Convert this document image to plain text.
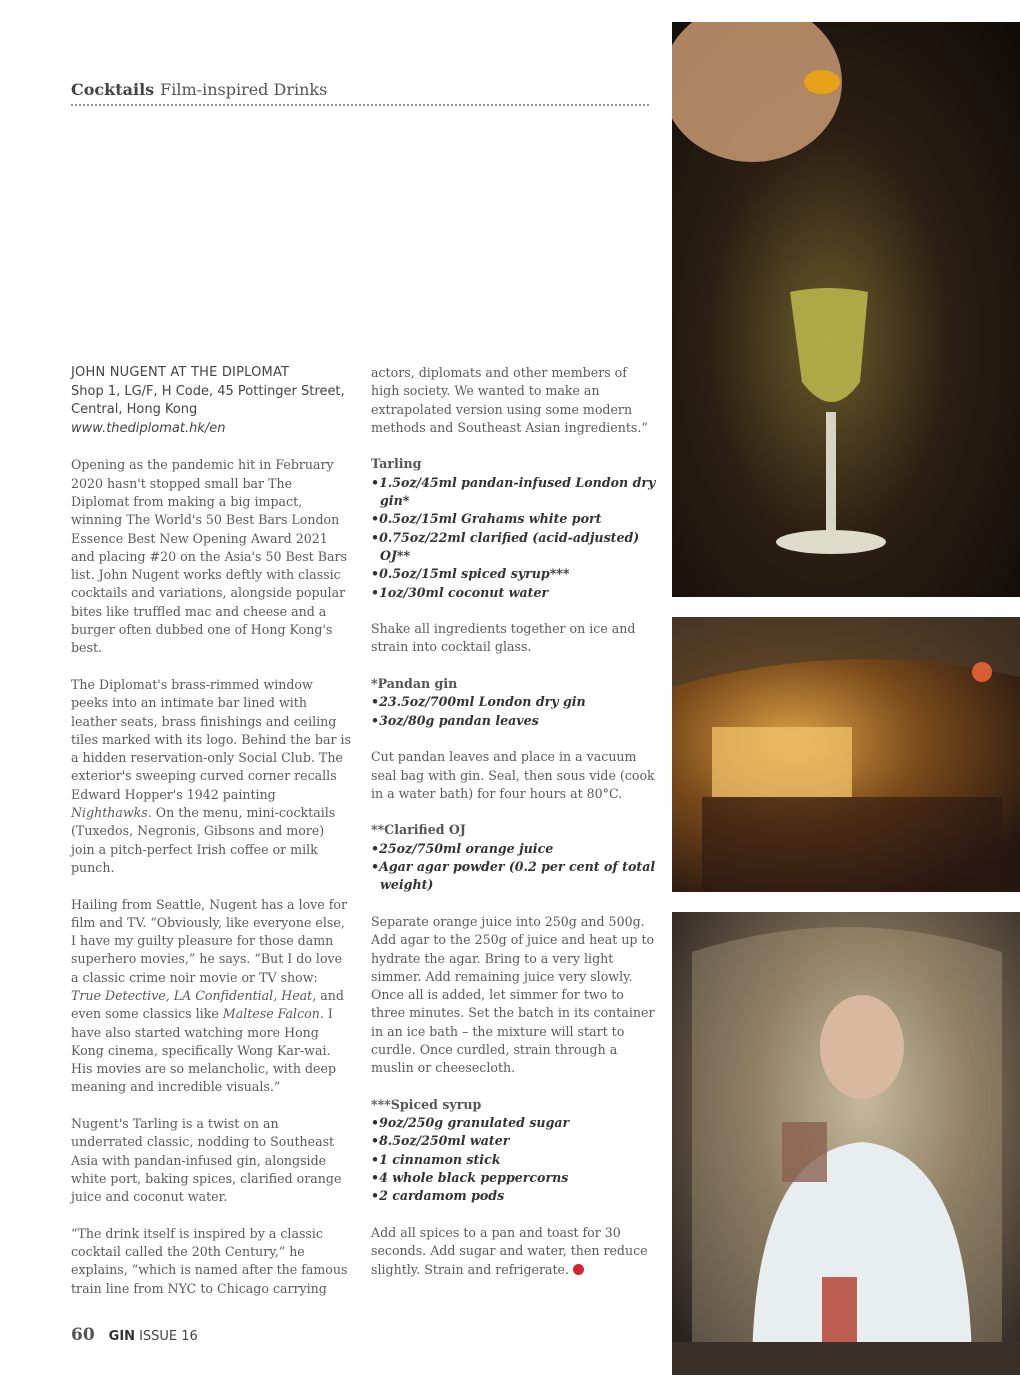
Cocktails Film-inspired Drinks
JOHN NUGENT AT THE DIPLOMAT
Shop 1, LG/F, H Code, 45 Pottinger Street, Central, Hong Kong
www.thediplomat.hk/en

Opening as the pandemic hit in February 2020 hasn't stopped small bar The Diplomat from making a big impact, winning The World's 50 Best Bars London Essence Best New Opening Award 2021 and placing #20 on the Asia's 50 Best Bars list. John Nugent works deftly with classic cocktails and variations, alongside popular bites like truffled mac and cheese and a burger often dubbed one of Hong Kong's best.

The Diplomat's brass-rimmed window peeks into an intimate bar lined with leather seats, brass finishings and ceiling tiles marked with its logo. Behind the bar is a hidden reservation-only Social Club. The exterior's sweeping curved corner recalls Edward Hopper's 1942 painting Nighthawks. On the menu, mini-cocktails (Tuxedos, Negronis, Gibsons and more) join a pitch-perfect Irish coffee or milk punch.

Hailing from Seattle, Nugent has a love for film and TV. “Obviously, like everyone else, I have my guilty pleasure for those damn superhero movies,” he says. “But I do love a classic crime noir movie or TV show: True Detective, LA Confidential, Heat, and even some classics like Maltese Falcon. I have also started watching more Hong Kong cinema, specifically Wong Kar-wai. His movies are so melancholic, with deep meaning and incredible visuals.”

Nugent's Tarling is a twist on an underrated classic, nodding to Southeast Asia with pandan-infused gin, alongside white port, baking spices, clarified orange juice and coconut water.

“The drink itself is inspired by a classic cocktail called the 20th Century,” he explains, “which is named after the famous train line from NYC to Chicago carrying

actors, diplomats and other members of high society. We wanted to make an extrapolated version using some modern methods and Southeast Asian ingredients.”

Tarling
• 1.5oz/45ml pandan-infused London dry gin*
• 0.5oz/15ml Grahams white port
• 0.75oz/22ml clarified (acid-adjusted) OJ**
• 0.5oz/15ml spiced syrup***
• 1oz/30ml coconut water

Shake all ingredients together on ice and strain into cocktail glass.

*Pandan gin
• 23.5oz/700ml London dry gin
• 3oz/80g pandan leaves

Cut pandan leaves and place in a vacuum seal bag with gin. Seal, then sous vide (cook in a water bath) for four hours at 80°C.

**Clarified OJ
• 25oz/750ml orange juice
• Agar agar powder (0.2 per cent of total weight)

Separate orange juice into 250g and 500g. Add agar to the 250g of juice and heat up to hydrate the agar. Bring to a very light simmer. Add remaining juice very slowly. Once all is added, let simmer for two to three minutes. Set the batch in its container in an ice bath – the mixture will start to curdle. Once curdled, strain through a muslin or cheesecloth.

***Spiced syrup
• 9oz/250g granulated sugar
• 8.5oz/250ml water
• 1 cinnamon stick
• 4 whole black peppercorns
• 2 cardamom pods

Add all spices to a pan and toast for 30 seconds. Add sugar and water, then reduce slightly. Strain and refrigerate.

60 GIN ISSUE 16
